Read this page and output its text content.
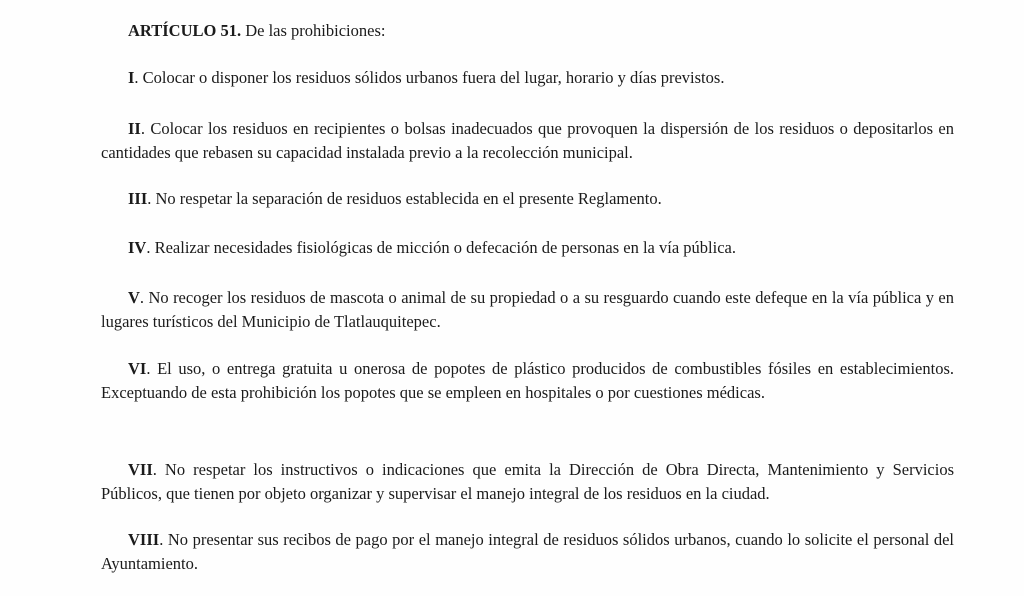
ARTÍCULO 51. De las prohibiciones:

I. Colocar o disponer los residuos sólidos urbanos fuera del lugar, horario y días previstos.

II. Colocar los residuos en recipientes o bolsas inadecuados que provoquen la dispersión de los residuos o depositarlos en cantidades que rebasen su capacidad instalada previo a la recolección municipal.

III. No respetar la separación de residuos establecida en el presente Reglamento.

IV. Realizar necesidades fisiológicas de micción o defecación de personas en la vía pública.

V. No recoger los residuos de mascota o animal de su propiedad o a su resguardo cuando este defeque en la vía pública y en lugares turísticos del Municipio de Tlatlauquitepec.

VI. El uso, o entrega gratuita u onerosa de popotes de plástico producidos de combustibles fósiles en establecimientos. Exceptuando de esta prohibición los popotes que se empleen en hospitales o por cuestiones médicas.

VII. No respetar los instructivos o indicaciones que emita la Dirección de Obra Directa, Mantenimiento y Servicios Públicos, que tienen por objeto organizar y supervisar el manejo integral de los residuos en la ciudad.

VIII. No presentar sus recibos de pago por el manejo integral de residuos sólidos urbanos, cuando lo solicite el personal del Ayuntamiento.
